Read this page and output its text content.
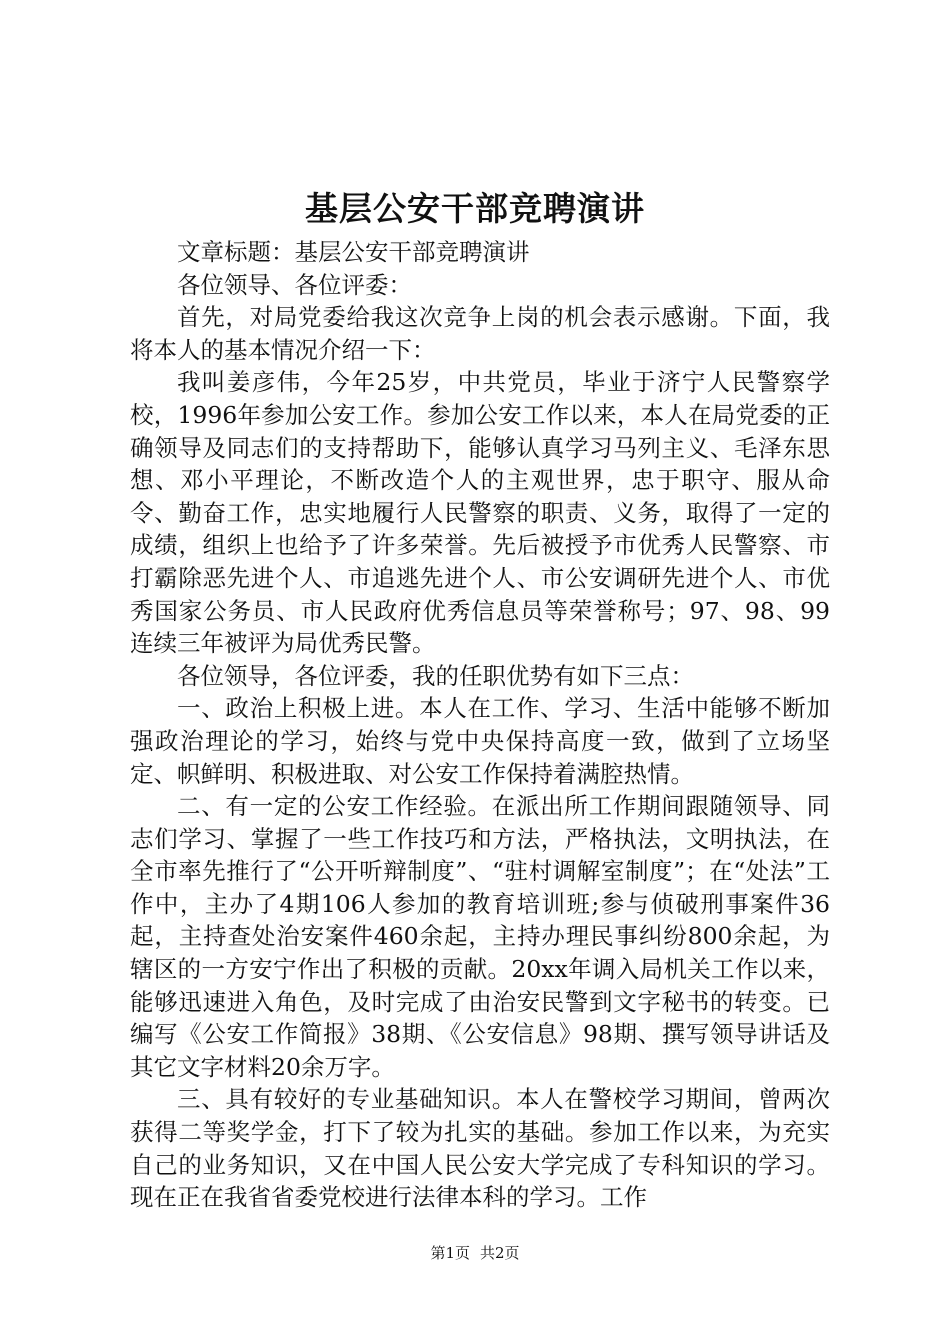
基层公安干部竞聘演讲

文章标题：基层公安干部竞聘演讲

各位领导、各位评委：

首先，对局党委给我这次竞争上岗的机会表示感谢。下面，我将本人的基本情况介绍一下：

我叫姜彦伟，今年25岁，中共党员，毕业于济宁人民警察学校，1996年参加公安工作。参加公安工作以来，本人在局党委的正确领导及同志们的支持帮助下，能够认真学习马列主义、毛泽东思想、邓小平理论，不断改造个人的主观世界，忠于职守、服从命令、勤奋工作，忠实地履行人民警察的职责、义务，取得了一定的成绩，组织上也给予了许多荣誉。先后被授予市优秀人民警察、市打霸除恶先进个人、市追逃先进个人、市公安调研先进个人、市优秀国家公务员、市人民政府优秀信息员等荣誉称号；97、98、99连续三年被评为局优秀民警。

各位领导，各位评委，我的任职优势有如下三点：

一、政治上积极上进。本人在工作、学习、生活中能够不断加强政治理论的学习，始终与党中央保持高度一致，做到了立场坚定、帜鲜明、积极进取、对公安工作保持着满腔热情。

二、有一定的公安工作经验。在派出所工作期间跟随领导、同志们学习、掌握了一些工作技巧和方法，严格执法，文明执法，在全市率先推行了“公开听辩制度”、“驻村调解室制度”；在“处法”工作中，主办了4期106人参加的教育培训班;参与侦破刑事案件36起，主持查处治安案件460余起，主持办理民事纠纷800余起，为辖区的一方安宁作出了积极的贡献。20xx年调入局机关工作以来，能够迅速进入角色，及时完成了由治安民警到文字秘书的转变。已编写《公安工作简报》38期、《公安信息》98期、撰写领导讲话及其它文字材料20余万字。

三、具有较好的专业基础知识。本人在警校学习期间，曾两次获得二等奖学金，打下了较为扎实的基础。参加工作以来，为充实自己的业务知识，又在中国人民公安大学完成了专科知识的学习。现在正在我省省委党校进行法律本科的学习。工作

第1页 共2页
